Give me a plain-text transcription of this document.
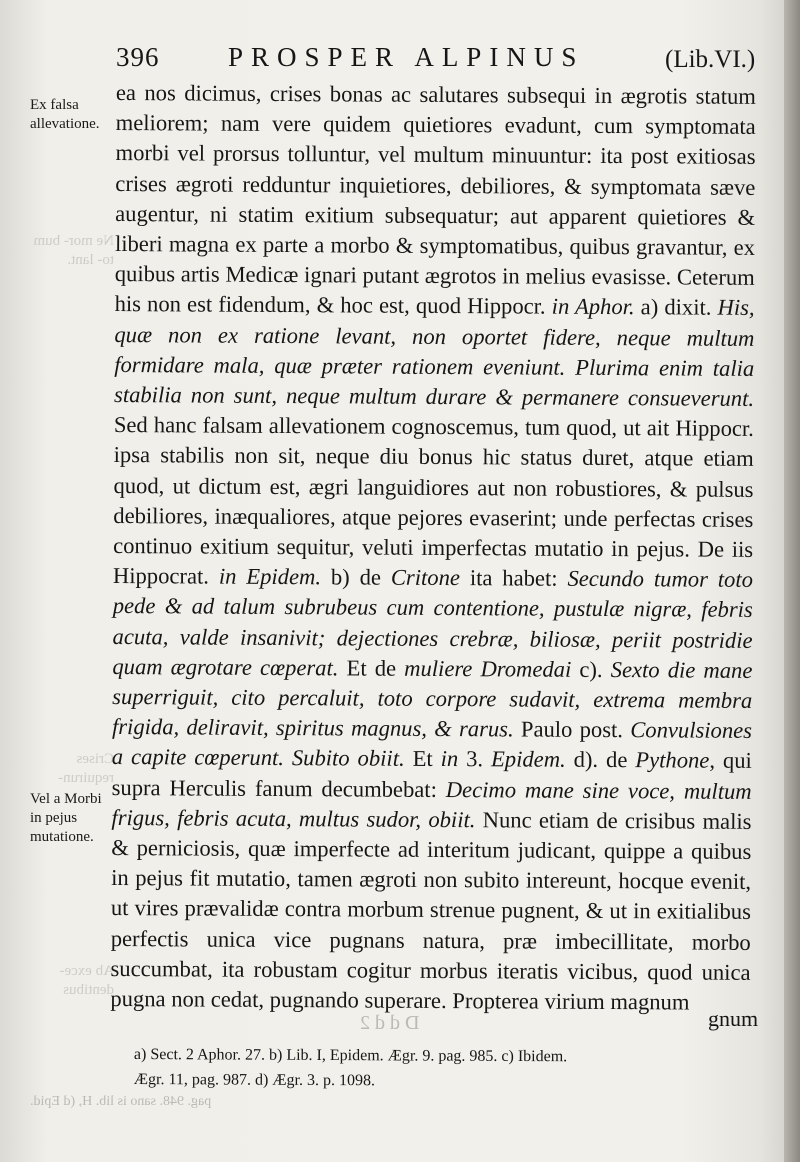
396	PROSPER ALPINUS	(Lib.VI.)
Ex falsa allevatione.
Ne mor- bum to- lant.
Crises requirun-
Vel a Morbi in pejus mutatione.
Ab exce- dentibus

ea nos dicimus, crises bonas ac salutares subsequi in ægrotis statum meliorem; nam vere quidem quietiores evadunt, cum symptomata morbi vel prorsus tolluntur, vel multum minuuntur: ita post exitiosas crises ægroti redduntur inquietiores, debiliores, & symptomata sæve augentur, ni statim exitium subsequatur; aut apparent quietiores & liberi magna ex parte a morbo & symptomatibus, quibus gravantur, ex quibus artis Medicæ ignari putant ægrotos in melius evasisse. Ceterum his non est fidendum, & hoc est, quod Hippocr. in Aphor. a) dixit. His, quæ non ex ratione levant, non oportet fidere, neque multum formidare mala, quæ præter rationem eveniunt. Plurima enim talia stabilia non sunt, neque multum durare & permanere consueverunt. Sed hanc falsam allevationem cognoscemus, tum quod, ut ait Hippocr. ipsa stabilis non sit, neque diu bonus hic status duret, atque etiam quod, ut dictum est, ægri languidiores aut non robustiores, & pulsus debiliores, inæqualiores, atque pejores evaserint; unde perfectas crises continuo exitium sequitur, veluti imperfectas mutatio in pejus. De iis Hippocrat. in Epidem. b) de Critone ita habet: Secundo tumor toto pede & ad talum subrubeus cum contentione, pustulæ nigræ, febris acuta, valde insanivit; dejectiones crebræ, biliosæ, periit postridie quam ægrotare cœperat. Et de muliere Dromedai c). Sexto die mane superriguit, cito percaluit, toto corpore sudavit, extrema membra frigida, deliravit, spiritus magnus, & rarus. Paulo post. Convulsiones a capite cœperunt. Subito obiit. Et in 3. Epidem. d). de Pythone, qui supra Herculis fanum decumbebat: Decimo mane sine voce, multum frigus, febris acuta, multus sudor, obiit. Nunc etiam de crisibus malis & perniciosis, quæ imperfecte ad interitum judicant, quippe a quibus in pejus fit mutatio, tamen ægroti non subito intereunt, hocque evenit, ut vires prævalidæ contra morbum strenue pugnent, & ut in exitialibus perfectis unica vice pugnans natura, præ imbecillitate, morbo succumbat, ita robustam cogitur morbus iteratis vicibus, quod unica pugna non cedat, pugnando superare. Propterea virium magnum

D d d 2	gnum

a) Sect. 2 Aphor. 27. b) Lib. I, Epidem. Ægr. 9. pag. 985. c) Ibidem.

Ægr. 11, pag. 987. d) Ægr. 3. p. 1098.

pag. 948. sano is lib. H, (d Epid.
